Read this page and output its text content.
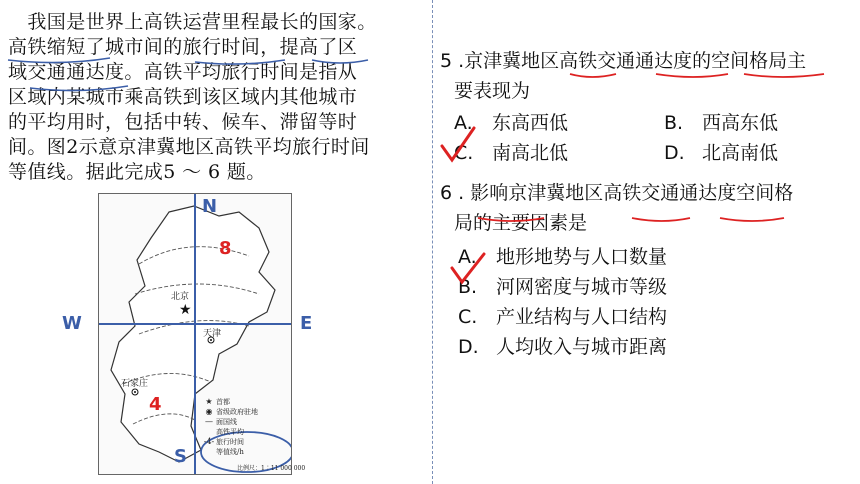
　我国是世界上高铁运营里程最长的国家。
高铁缩短了城市间的旅行时间，提高了区
域交通通达度。高铁平均旅行时间是指从
区域内某城市乘高铁到该区域内其他城市
的平均用时，包括中转、候车、滞留等时
间。图2示意京津冀地区高铁平均旅行时间
等值线。据此完成5 ～ 6 题。
★
北京
天津
石家庄
8
4	★ 首都
◉ 省级政府驻地
— 面国线
高铁平均
-4- 旅行时间
等值线/h
比例尺：1∶11 000 000
N
S
W	E
5 .京津冀地区高铁交通通达度的空间格局主
要表现为
A. 东高西低	B. 西高东低
C. 南高北低	D. 北高南低
6 . 影响京津冀地区高铁交通通达度空间格
局的主要因素是
A. 地形地势与人口数量
B. 河网密度与城市等级
C. 产业结构与人口结构
D. 人均收入与城市距离
